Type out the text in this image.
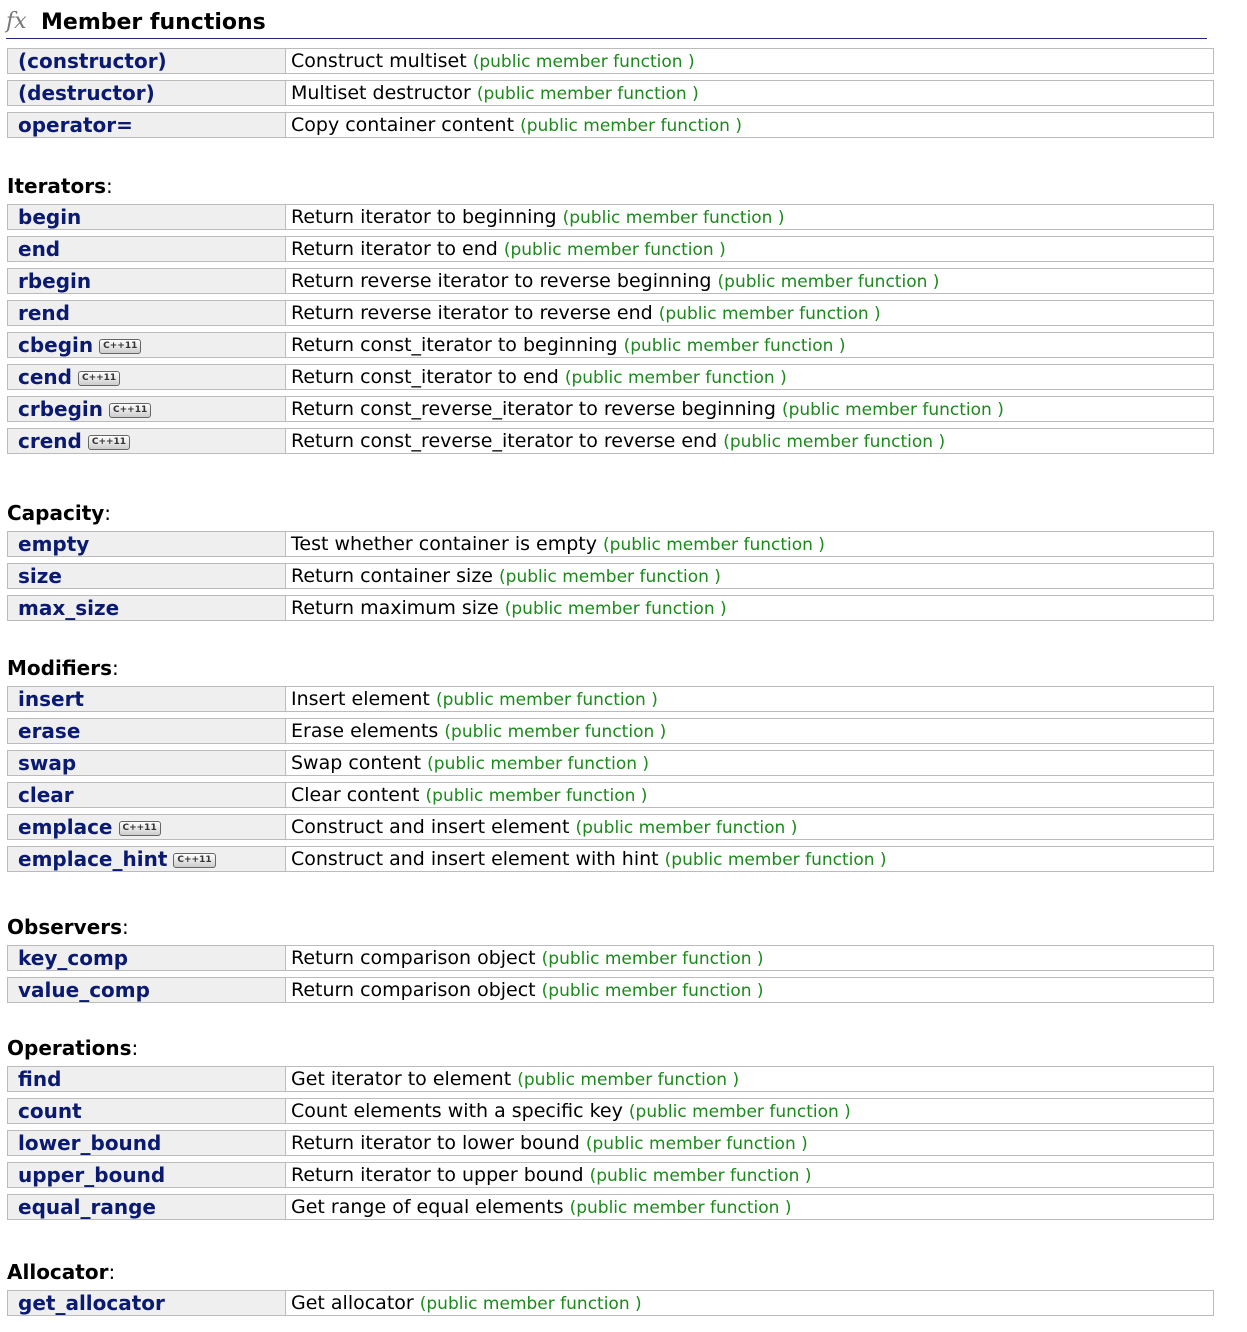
fx Member functions
(constructor)	Construct multiset (public member function )
(destructor)	Multiset destructor (public member function )
operator=	Copy container content (public member function )
Iterators:
begin	Return iterator to beginning (public member function )
end	Return iterator to end (public member function )
rbegin	Return reverse iterator to reverse beginning (public member function )
rend	Return reverse iterator to reverse end (public member function )
cbegin C++11	Return const_iterator to beginning (public member function )
cend C++11	Return const_iterator to end (public member function )
crbegin C++11	Return const_reverse_iterator to reverse beginning (public member function )
crend C++11	Return const_reverse_iterator to reverse end (public member function )
Capacity:
empty	Test whether container is empty (public member function )
size	Return container size (public member function )
max_size	Return maximum size (public member function )
Modifiers:
insert	Insert element (public member function )
erase	Erase elements (public member function )
swap	Swap content (public member function )
clear	Clear content (public member function )
emplace C++11	Construct and insert element (public member function )
emplace_hint C++11	Construct and insert element with hint (public member function )
Observers:
key_comp	Return comparison object (public member function )
value_comp	Return comparison object (public member function )
Operations:
find	Get iterator to element (public member function )
count	Count elements with a specific key (public member function )
lower_bound	Return iterator to lower bound (public member function )
upper_bound	Return iterator to upper bound (public member function )
equal_range	Get range of equal elements (public member function )
Allocator:
get_allocator	Get allocator (public member function )
